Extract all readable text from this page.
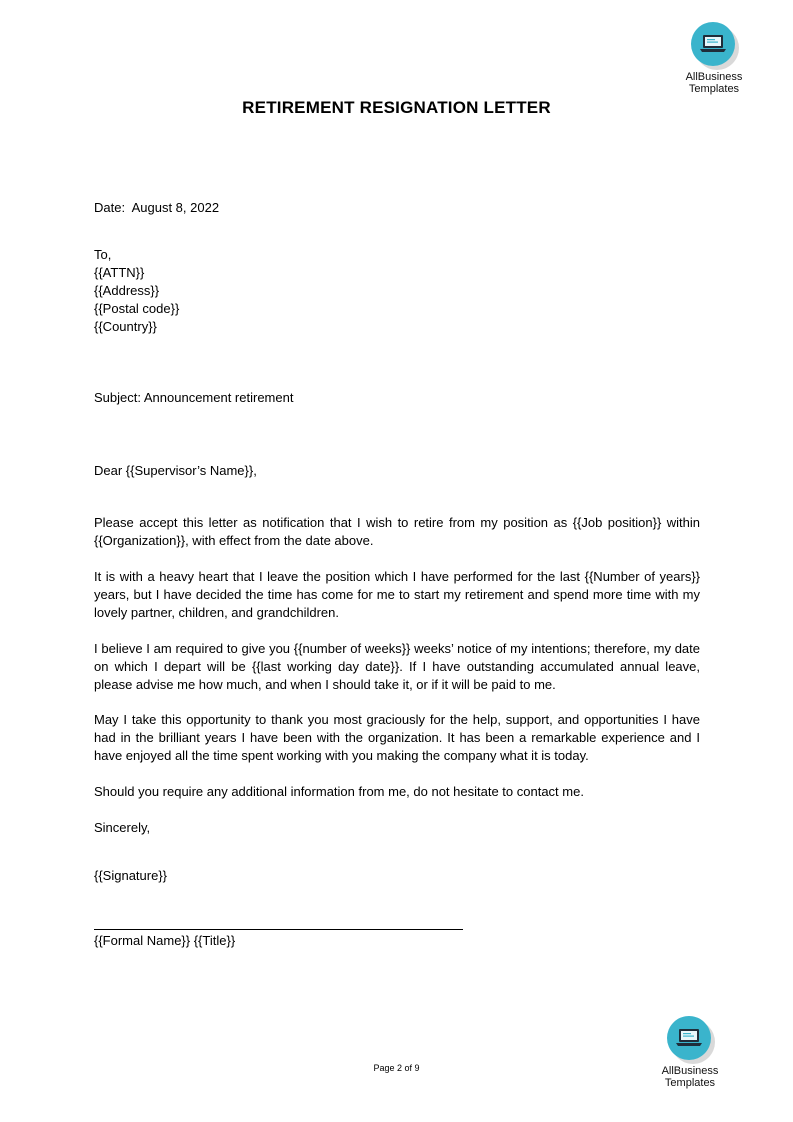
AllBusiness
Templates
RETIREMENT RESIGNATION LETTER
Date: August 8, 2022

To,

{{ATTN}}

{{Address}}

{{Postal code}}

{{Country}}

Subject: Announcement retirement
Dear {{Supervisor’s Name}},
Please accept this letter as notification that I wish to retire from my position as {{Job position}} within {{Organization}}, with effect from the date above.
It is with a heavy heart that I leave the position which I have performed for the last {{Number of years}} years, but I have decided the time has come for me to start my retirement and spend more time with my lovely partner, children, and grandchildren.
I believe I am required to give you {{number of weeks}} weeks’ notice of my intentions; therefore, my date on which I depart will be {{last working day date}}. If I have outstanding accumulated annual leave, please advise me how much, and when I should take it, or if it will be paid to me.
May I take this opportunity to thank you most graciously for the help, support, and opportunities I have had in the brilliant years I have been with the organization. It has been a remarkable experience and I have enjoyed all the time spent working with you making the company what it is today.
Should you require any additional information from me, do not hesitate to contact me.
Sincerely,
{{Signature}}
{{Formal Name}} {{Title}}
Page 2 of 9	AllBusiness
Templates
